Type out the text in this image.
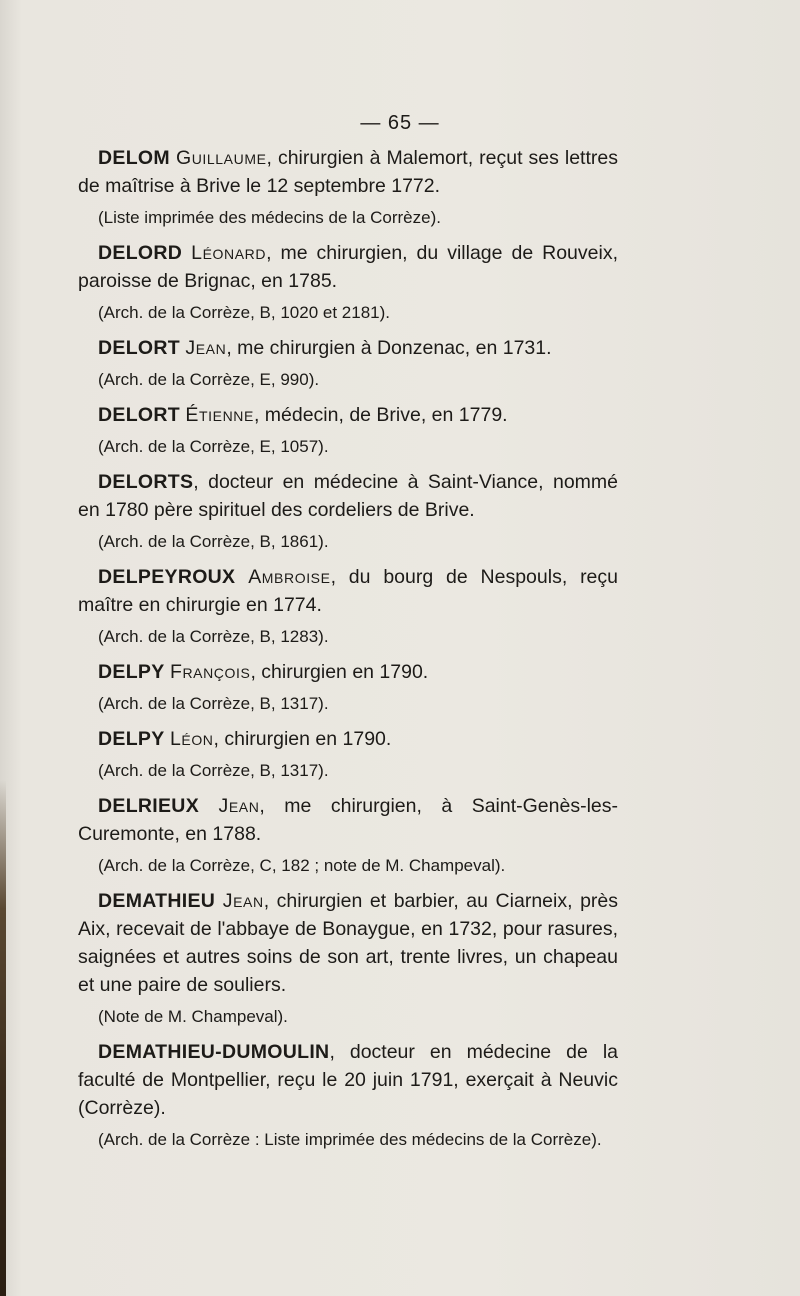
— 65 —

DELOM Guillaume, chirurgien à Malemort, reçut ses lettres de maîtrise à Brive le 12 septembre 1772.

(Liste imprimée des médecins de la Corrèze).

DELORD Léonard, me chirurgien, du village de Rouveix, paroisse de Brignac, en 1785.

(Arch. de la Corrèze, B, 1020 et 2181).

DELORT Jean, me chirurgien à Donzenac, en 1731.

(Arch. de la Corrèze, E, 990).

DELORT Étienne, médecin, de Brive, en 1779.

(Arch. de la Corrèze, E, 1057).

DELORTS, docteur en médecine à Saint-Viance, nommé en 1780 père spirituel des cordeliers de Brive.

(Arch. de la Corrèze, B, 1861).

DELPEYROUX Ambroise, du bourg de Nespouls, reçu maître en chirurgie en 1774.

(Arch. de la Corrèze, B, 1283).

DELPY François, chirurgien en 1790.

(Arch. de la Corrèze, B, 1317).

DELPY Léon, chirurgien en 1790.

(Arch. de la Corrèze, B, 1317).

DELRIEUX Jean, me chirurgien, à Saint-Genès-les-Curemonte, en 1788.

(Arch. de la Corrèze, C, 182 ; note de M. Champeval).

DEMATHIEU Jean, chirurgien et barbier, au Ciarneix, près Aix, recevait de l'abbaye de Bonaygue, en 1732, pour rasures, saignées et autres soins de son art, trente livres, un chapeau et une paire de souliers.

(Note de M. Champeval).

DEMATHIEU-DUMOULIN, docteur en médecine de la faculté de Montpellier, reçu le 20 juin 1791, exerçait à Neuvic (Corrèze).

(Arch. de la Corrèze : Liste imprimée des médecins de la Corrèze).
